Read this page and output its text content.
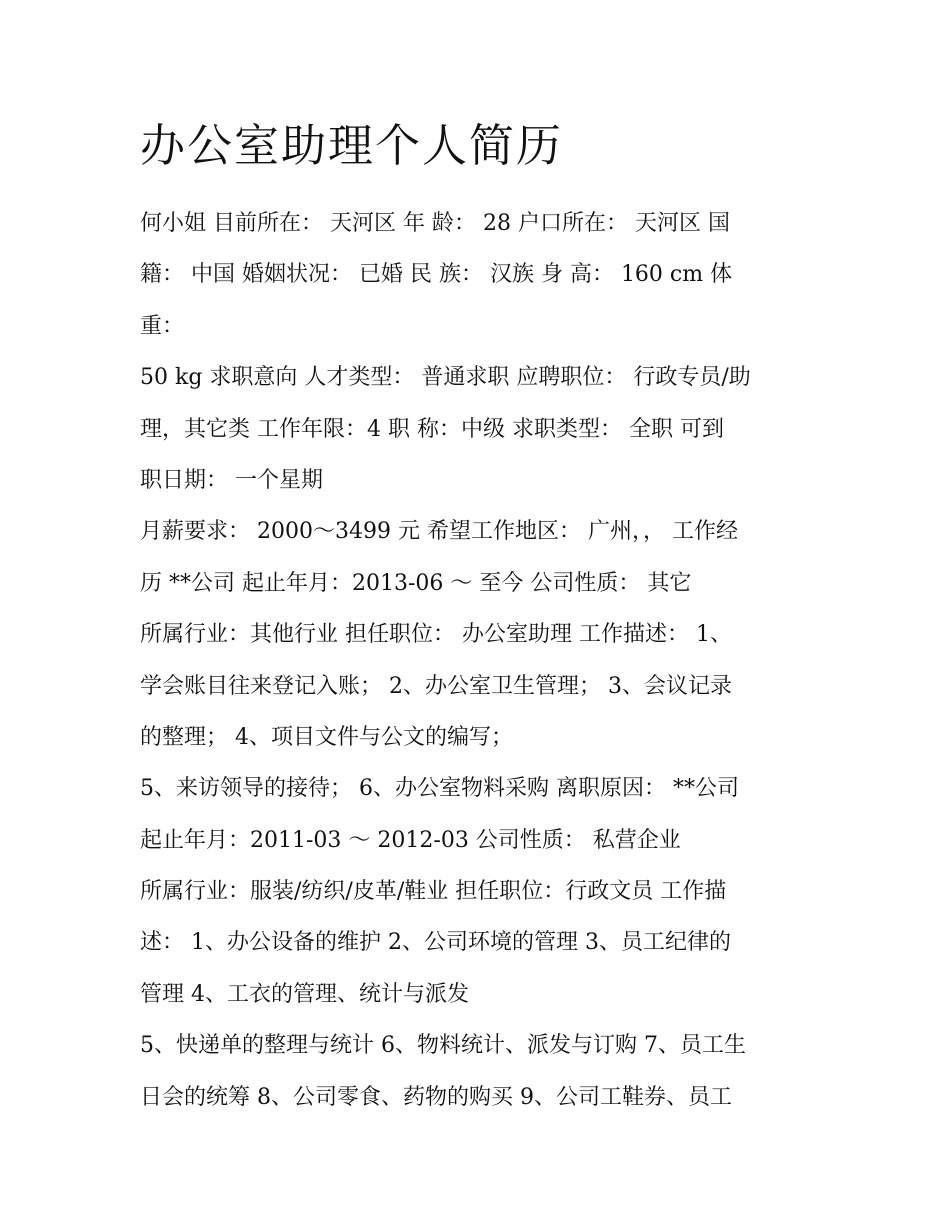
办公室助理个人简历
何小姐 目前所在： 天河区 年 龄： 28 户口所在： 天河区 国
籍： 中国 婚姻状况： 已婚 民 族： 汉族 身 高： 160 cm 体
重：
50 kg 求职意向 人才类型： 普通求职 应聘职位： 行政专员/助
理，其它类 工作年限：4 职 称：中级 求职类型： 全职 可到
职日期： 一个星期
月薪要求： 2000～3499 元 希望工作地区： 广州，， 工作经
历 **公司 起止年月：2013-06 ～ 至今 公司性质： 其它
所属行业：其他行业 担任职位： 办公室助理 工作描述： 1、
学会账目往来登记入账； 2、办公室卫生管理； 3、会议记录
的整理； 4、项目文件与公文的编写；
5、来访领导的接待； 6、办公室物料采购 离职原因： **公司
起止年月：2011-03 ～ 2012-03 公司性质： 私营企业
所属行业：服装/纺织/皮革/鞋业 担任职位：行政文员 工作描
述： 1、办公设备的维护 2、公司环境的管理 3、员工纪律的
管理 4、工衣的管理、统计与派发
5、快递单的整理与统计 6、物料统计、派发与订购 7、员工生
日会的统筹 8、公司零食、药物的购买 9、公司工鞋券、员工
